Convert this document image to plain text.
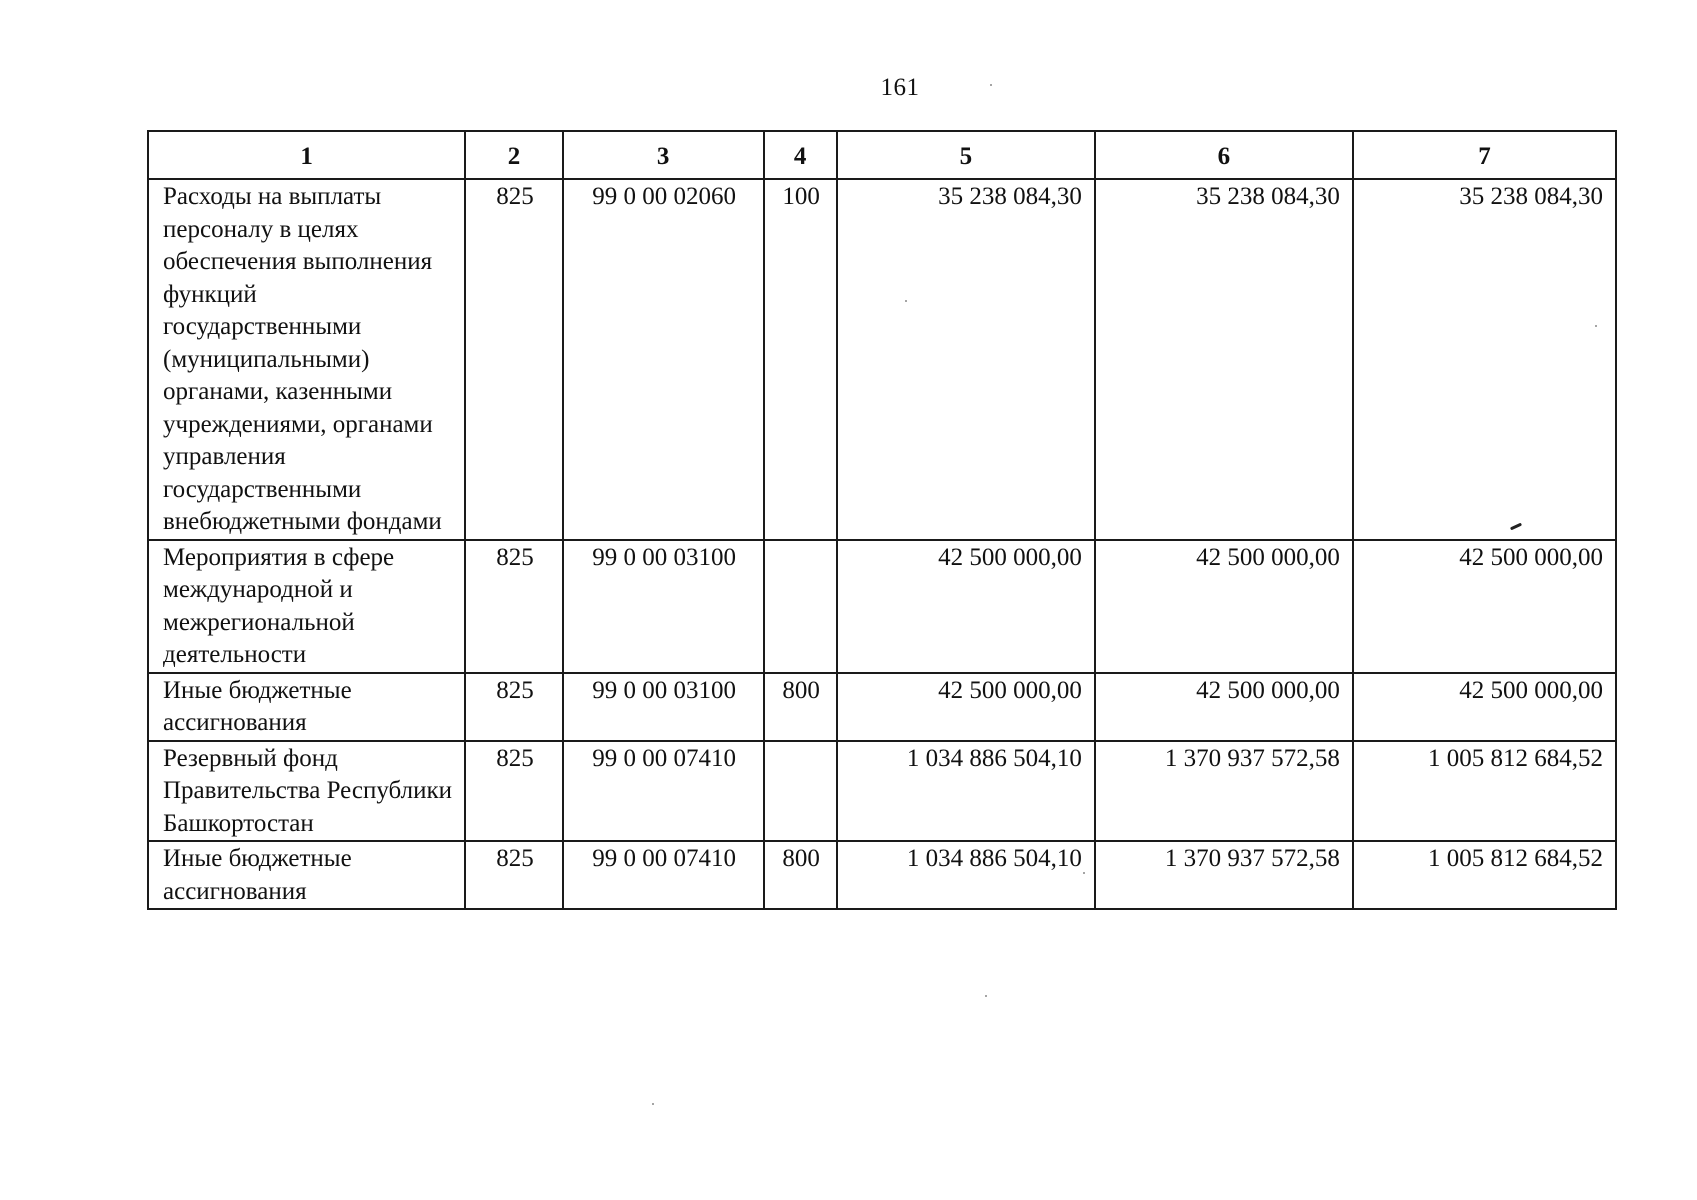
161
1	2	3	4	5	6	7
Расходы на выплаты персоналу в целях обеспечения выполнения функций государственными (муниципальными) органами, казенными учреждениями, органами управления государственными внебюджетными фондами	825	99 0 00 02060	100	35 238 084,30	35 238 084,30	35 238 084,30
Мероприятия в сфере международной и межрегиональной деятельности	825	99 0 00 03100		42 500 000,00	42 500 000,00	42 500 000,00
Иные бюджетные ассигнования	825	99 0 00 03100	800	42 500 000,00	42 500 000,00	42 500 000,00
Резервный фонд Правительства Республики Башкортостан	825	99 0 00 07410		1 034 886 504,10	1 370 937 572,58	1 005 812 684,52
Иные бюджетные ассигнования	825	99 0 00 07410	800	1 034 886 504,10	1 370 937 572,58	1 005 812 684,52
